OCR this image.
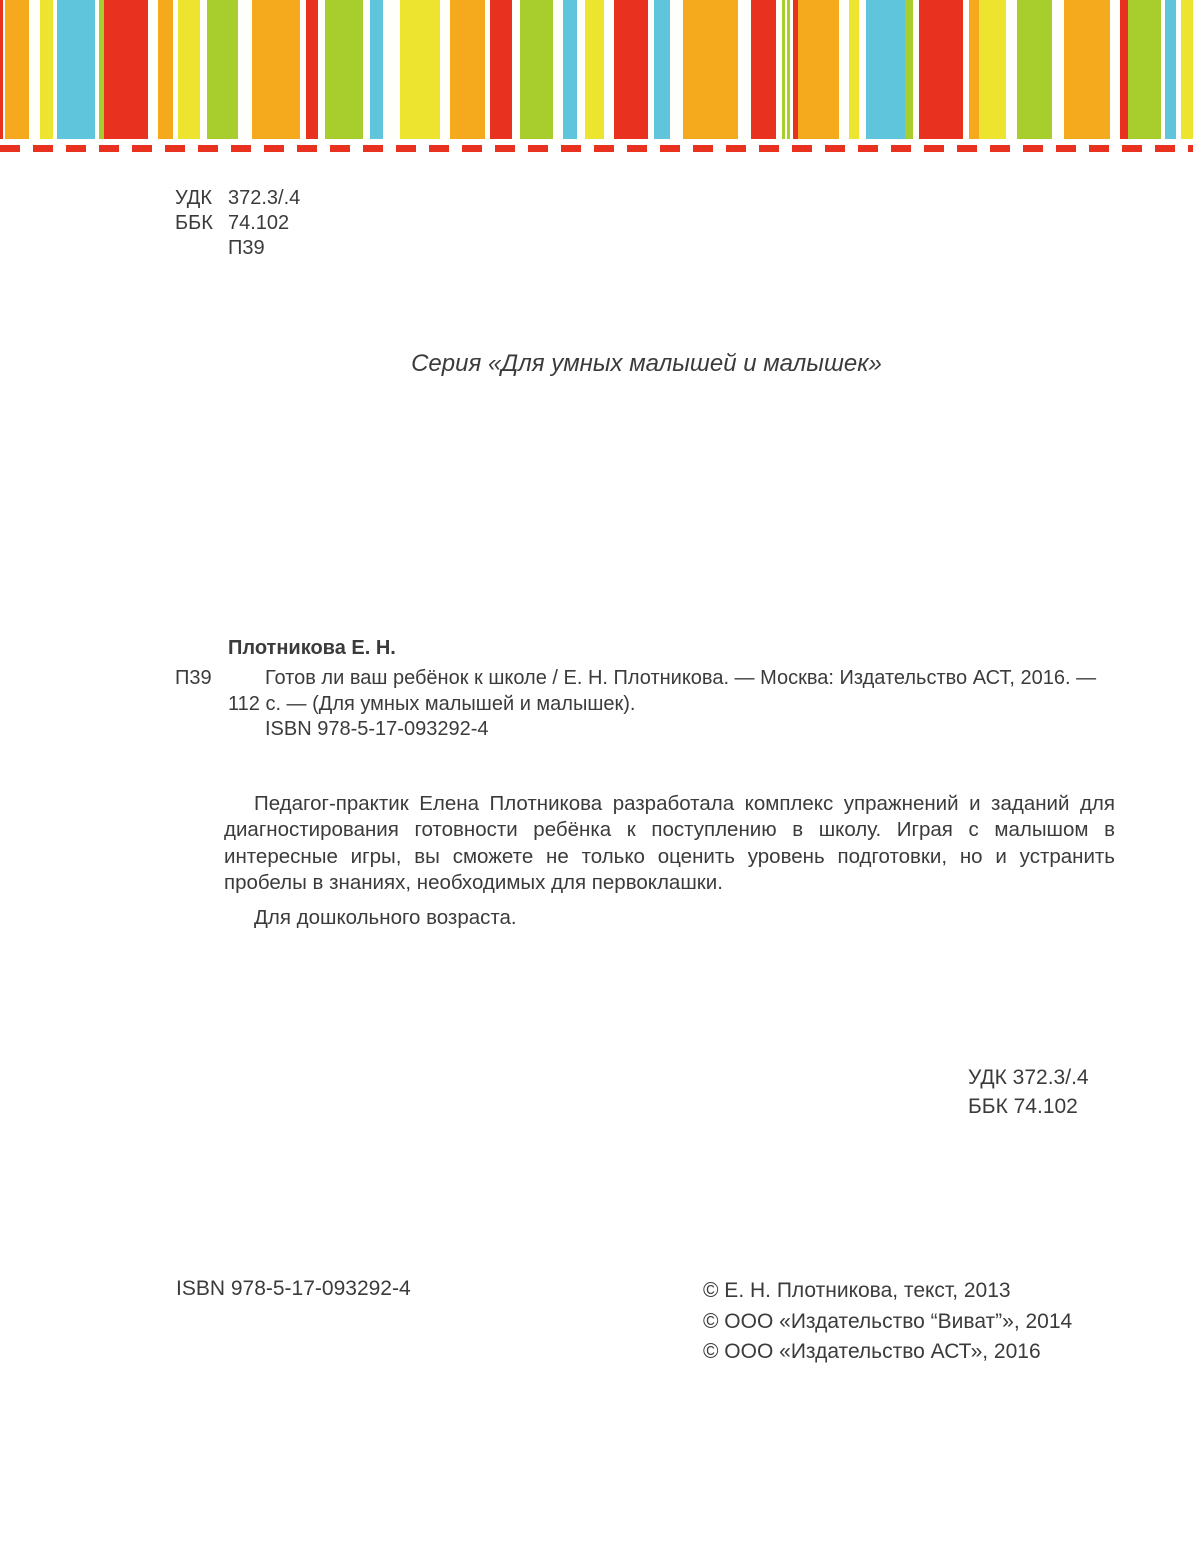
УДК 372.3/.4
ББК 74.102
П39
Серия «Для умных малышей и малышек»
Плотникова Е. Н.
П39	Готов ли ваш ребёнок к школе / Е. Н. Плотникова. — Москва: Издательство АСТ, 2016. —
112 с. — (Для умных малышей и малышек).
ISBN 978-5-17-093292-4

Педагог-практик Елена Плотникова разработала комплекс упражнений и заданий для диагностирования готовности ребёнка к поступлению в школу. Играя с малышом в интересные игры, вы сможете не только оценить уровень подготовки, но и устранить пробелы в знаниях, необходимых для первоклашки.

Для дошкольного возраста.

УДК 372.3/.4
ББК 74.102
ISBN 978-5-17-093292-4	© Е. Н. Плотникова, текст, 2013
© ООО «Издательство “Виват”», 2014
© ООО «Издательство АСТ», 2016
